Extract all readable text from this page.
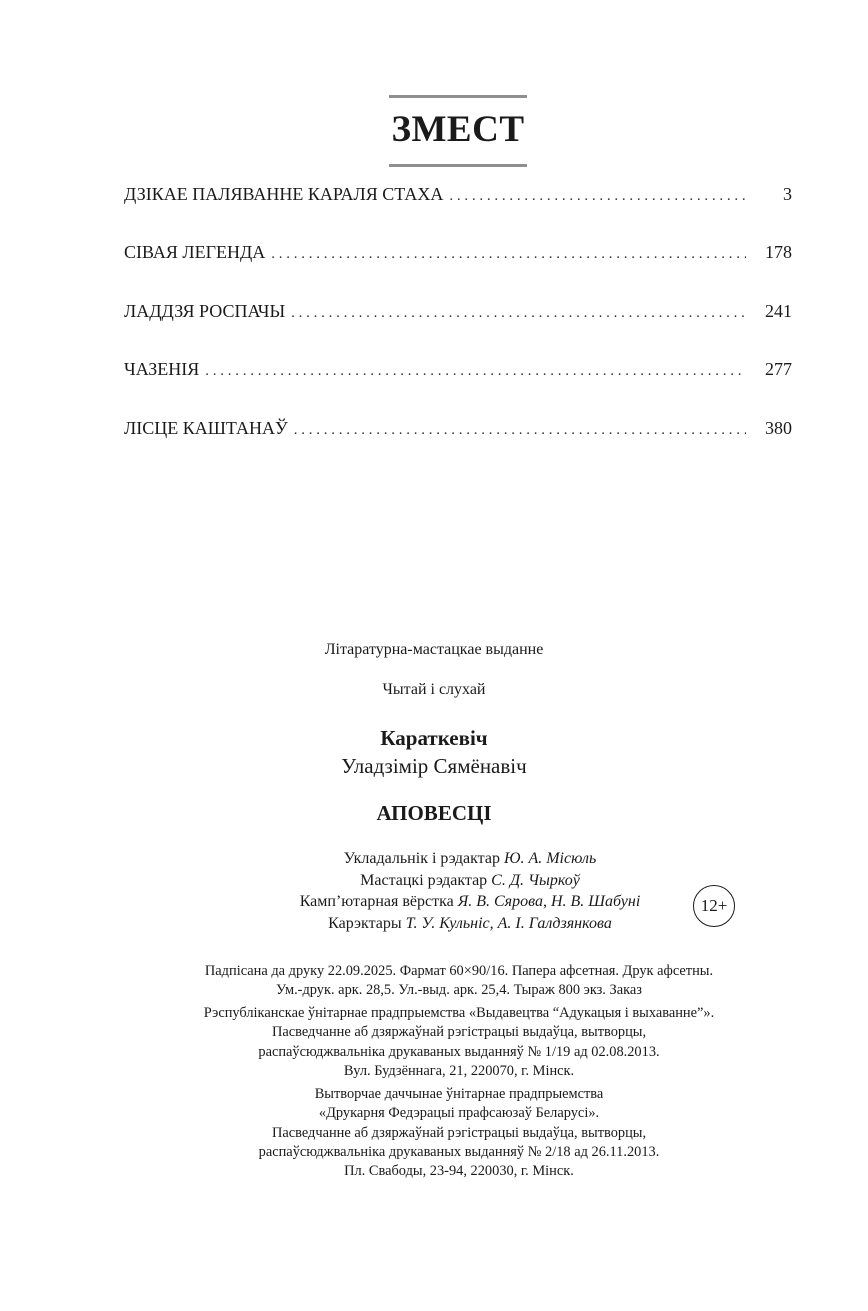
ЗМЕСТ
ДЗІКАЕ ПАЛЯВАННЕ КАРАЛЯ СТАХА . . .	3
СІВАЯ ЛЕГЕНДА . . .	178
ЛАДДЗЯ РОСПАЧЫ . . .	241
ЧАЗЕНІЯ . . .	277
ЛІСЦЕ КАШТАНАЎ . . .	380
Літаратурна-мастацкае выданне
Чытай і слухай
Караткевіч
Уладзімір Сямёнавіч
АПОВЕСЦІ
Укладальнік і рэдактар Ю. А. Місюль
Мастацкі рэдактар С. Д. Чыркоў
Камп’ютарная вёрстка Я. В. Сярова, Н. В. Шабуні
Карэктары Т. У. Кульніс, А. І. Галдзянкова
12+
Падпісана да друку 22.09.2025. Фармат 60×90/16. Папера афсетная. Друк афсетны.
Ум.-друк. арк. 28,5. Ул.-выд. арк. 25,4. Тыраж 800 экз. Заказ
Рэспубліканскае ўнітарнае прадпрыемства «Выдавецтва “Адукацыя і выхаванне”».
Пасведчанне аб дзяржаўнай рэгістрацыі выдаўца, вытворцы,
распаўсюджвальніка друкаваных выданняў № 1/19 ад 02.08.2013.
Вул. Будзённага, 21, 220070, г. Мінск.
Вытворчае даччынае ўнітарнае прадпрыемства
«Друкарня Федэрацыі прафсаюзаў Беларусі».
Пасведчанне аб дзяржаўнай рэгістрацыі выдаўца, вытворцы,
распаўсюджвальніка друкаваных выданняў № 2/18 ад 26.11.2013.
Пл. Свабоды, 23-94, 220030, г. Мінск.
